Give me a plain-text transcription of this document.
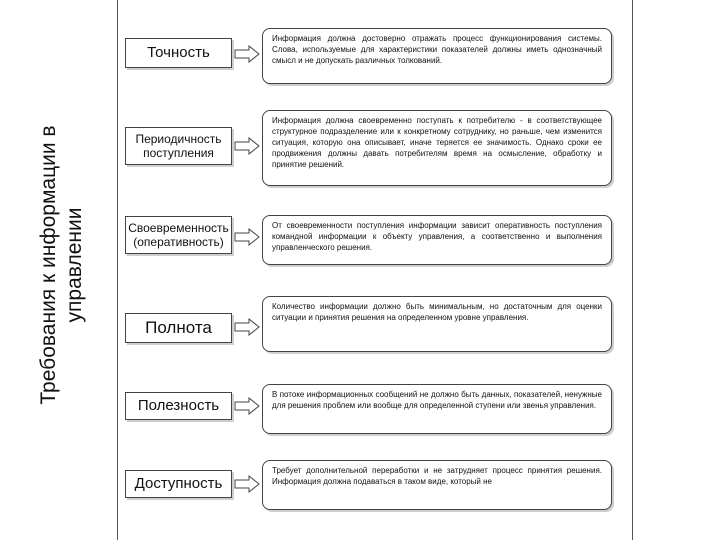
Требования к информации в
управлении
Точность
Информация должна достоверно отражать процесс функционирования системы. Слова, используемые для характеристики показателей должны иметь однозначный смысл и не допускать различных толкований.
Периодичность поступления
Информация должна своевременно поступать к потребителю - в соответствующее структурное подразделение или к конкретному сотруднику, но раньше, чем изменится ситуация, которую она описывает, иначе теряется ее значимость. Однако сроки ее продвижения должны давать потребителям время на осмысление, обработку и принятие решений.
Своевременность (оперативность)
От своевременности поступления информации зависит оперативность поступления командной информации к объекту управления, а соответственно и выполнения управленческого решения.
Полнота
Количество информации должно быть минимальным, но достаточным для оценки ситуации и принятия решения на определенном уровне управления.
Полезность
В потоке информационных сообщений не должно быть данных, показателей, ненужные для решения проблем или вообще для определенной ступени или звенья управления.
Доступность
Требует дополнительной переработки и не затрудняет процесс принятия решения. Информация должна подаваться в таком виде, который не
